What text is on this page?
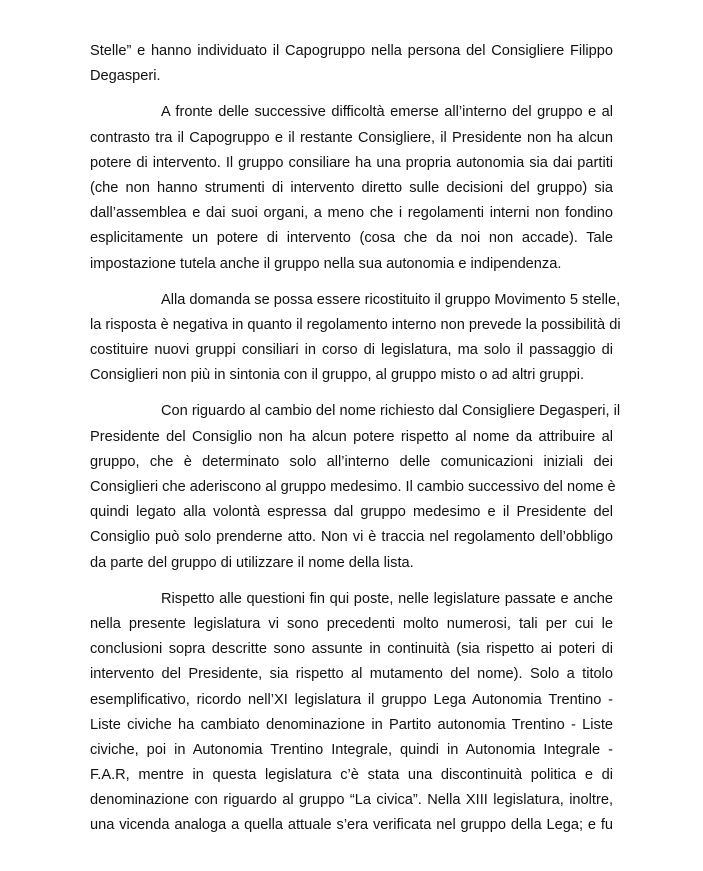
Stelle” e hanno individuato il Capogruppo nella persona del Consigliere Filippo
Degasperi.
A fronte delle successive difficoltà emerse all’interno del gruppo e al
contrasto tra il Capogruppo e il restante Consigliere, il Presidente non ha alcun
potere di intervento. Il gruppo consiliare ha una propria autonomia sia dai partiti
(che non hanno strumenti di intervento diretto sulle decisioni del gruppo) sia
dall’assemblea e dai suoi organi, a meno che i regolamenti interni non fondino
esplicitamente un potere di intervento (cosa che da noi non accade). Tale
impostazione tutela anche il gruppo nella sua autonomia e indipendenza.
Alla domanda se possa essere ricostituito il gruppo Movimento 5 stelle,
la risposta è negativa in quanto il regolamento interno non prevede la possibilità di
costituire nuovi gruppi consiliari in corso di legislatura, ma solo il passaggio di
Consiglieri non più in sintonia con il gruppo, al gruppo misto o ad altri gruppi.
Con riguardo al cambio del nome richiesto dal Consigliere Degasperi, il
Presidente del Consiglio non ha alcun potere rispetto al nome da attribuire al
gruppo, che è determinato solo all’interno delle comunicazioni iniziali dei
Consiglieri che aderiscono al gruppo medesimo. Il cambio successivo del nome è
quindi legato alla volontà espressa dal gruppo medesimo e il Presidente del
Consiglio può solo prenderne atto. Non vi è traccia nel regolamento dell’obbligo
da parte del gruppo di utilizzare il nome della lista.
Rispetto alle questioni fin qui poste, nelle legislature passate e anche
nella presente legislatura vi sono precedenti molto numerosi, tali per cui le
conclusioni sopra descritte sono assunte in continuità (sia rispetto ai poteri di
intervento del Presidente, sia rispetto al mutamento del nome). Solo a titolo
esemplificativo, ricordo nell’XI legislatura il gruppo Lega Autonomia Trentino -
Liste civiche ha cambiato denominazione in Partito autonomia Trentino - Liste
civiche, poi in Autonomia Trentino Integrale, quindi in Autonomia Integrale -
F.A.R, mentre in questa legislatura c’è stata una discontinuità politica e di
denominazione con riguardo al gruppo “La civica”. Nella XIII legislatura, inoltre,
una vicenda analoga a quella attuale s’era verificata nel gruppo della Lega; e fu
